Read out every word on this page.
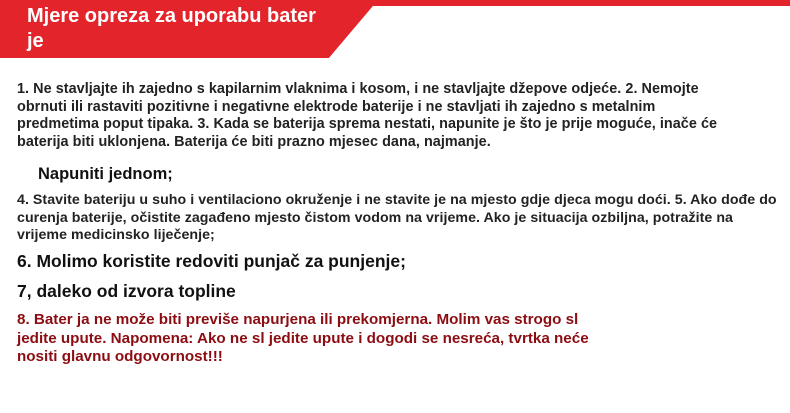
Mjere opreza za uporabu bater je

1. Ne stavljajte ih zajedno s kapilarnim vlaknima i kosom, i ne stavljajte džepove odjeće. 2. Nemojte obrnuti ili rastaviti pozitivne i negativne elektrode baterije i ne stavljati ih zajedno s metalnim predmetima poput tipaka. 3. Kada se baterija sprema nestati, napunite je što je prije moguće, inače će baterija biti uklonjena. Baterija će biti prazno mjesec dana, najmanje.

Napuniti jednom;

4. Stavite bateriju u suho i ventilaciono okruženje i ne stavite je na mjesto gdje djeca mogu doći. 5. Ako dođe do curenja baterije, očistite zagađeno mjesto čistom vodom na vrijeme. Ako je situacija ozbiljna, potražite na vrijeme medicinsko liječenje;

6. Molimo koristite redoviti punjač za punjenje;

7, daleko od izvora topline

8. Bater ja ne može biti previše napurjena ili prekomjerna. Molim vas strogo sl jedite upute. Napomena: Ako ne sl jedite upute i dogodi se nesreća, tvrtka neće nositi glavnu odgovornost!!!
